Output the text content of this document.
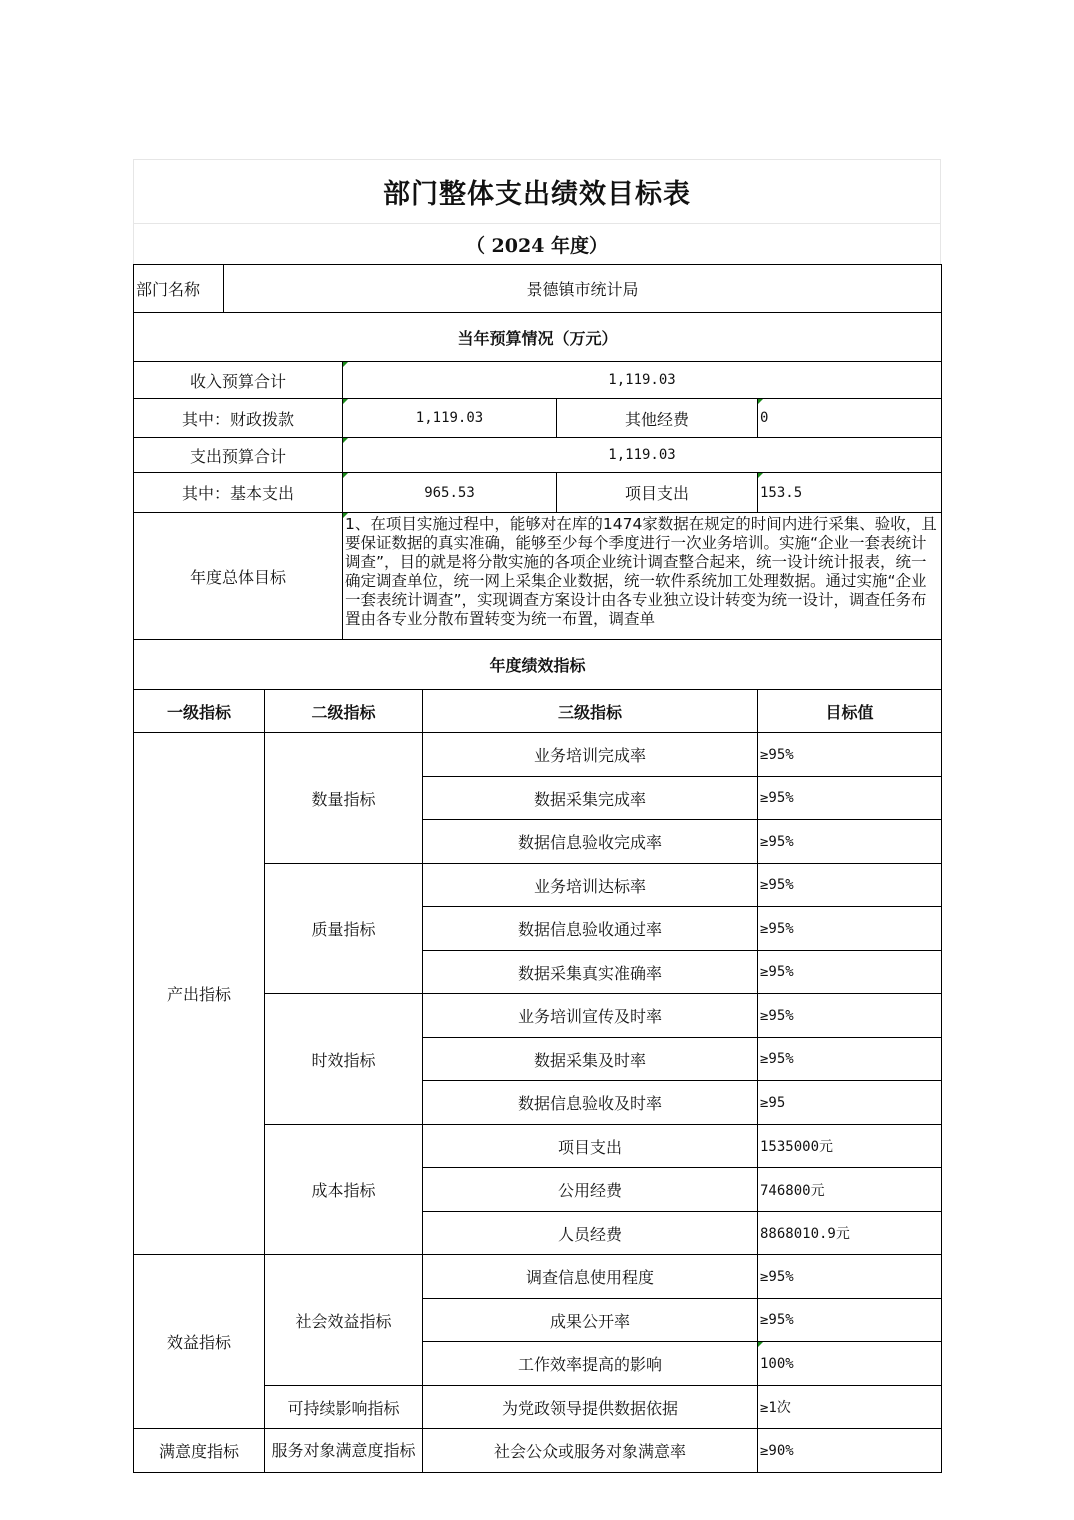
部门整体支出绩效目标表
（ 2024 年度）
部门名称	景德镇市统计局					
当年预算情况（万元）						
收入预算合计			1,119.03			
其中：财政拨款			1,119.03		其他经费	0
支出预算合计			1,119.03			
其中：基本支出			965.53		项目支出	153.5
年度总体目标			1、在项目实施过程中，能够对在库的1474家数据在规定的时间内进行采集、验收，且要保证数据的真实准确，能够至少每个季度进行一次业务培训。实施“企业一套表统计调查”，目的就是将分散实施的各项企业统计调查整合起来，统一设计统计报表，统一确定调查单位，统一网上采集企业数据，统一软件系统加工处理数据。通过实施“企业一套表统计调查”，实现调查方案设计由各专业独立设计转变为统一设计，调查任务布置由各专业分散布置转变为统一布置，调查单			

年度绩效指标						
一级指标		二级指标		三级指标		目标值
产出指标		数量指标		业务培训完成率		≥95%
				数据采集完成率		≥95%
				数据信息验收完成率		≥95%
		质量指标		业务培训达标率		≥95%
				数据信息验收通过率		≥95%
				数据采集真实准确率		≥95%
		时效指标		业务培训宣传及时率		≥95%
				数据采集及时率		≥95%
				数据信息验收及时率		≥95
		成本指标		项目支出		1535000元
				公用经费		746800元
				人员经费		8868010.9元
效益指标		社会效益指标		调查信息使用程度		≥95%
				成果公开率		≥95%
				工作效率提高的影响		100%
		可持续影响指标		为党政领导提供数据依据		≥1次
满意度指标		服务对象满意度指标		社会公众或服务对象满意率		≥90%
